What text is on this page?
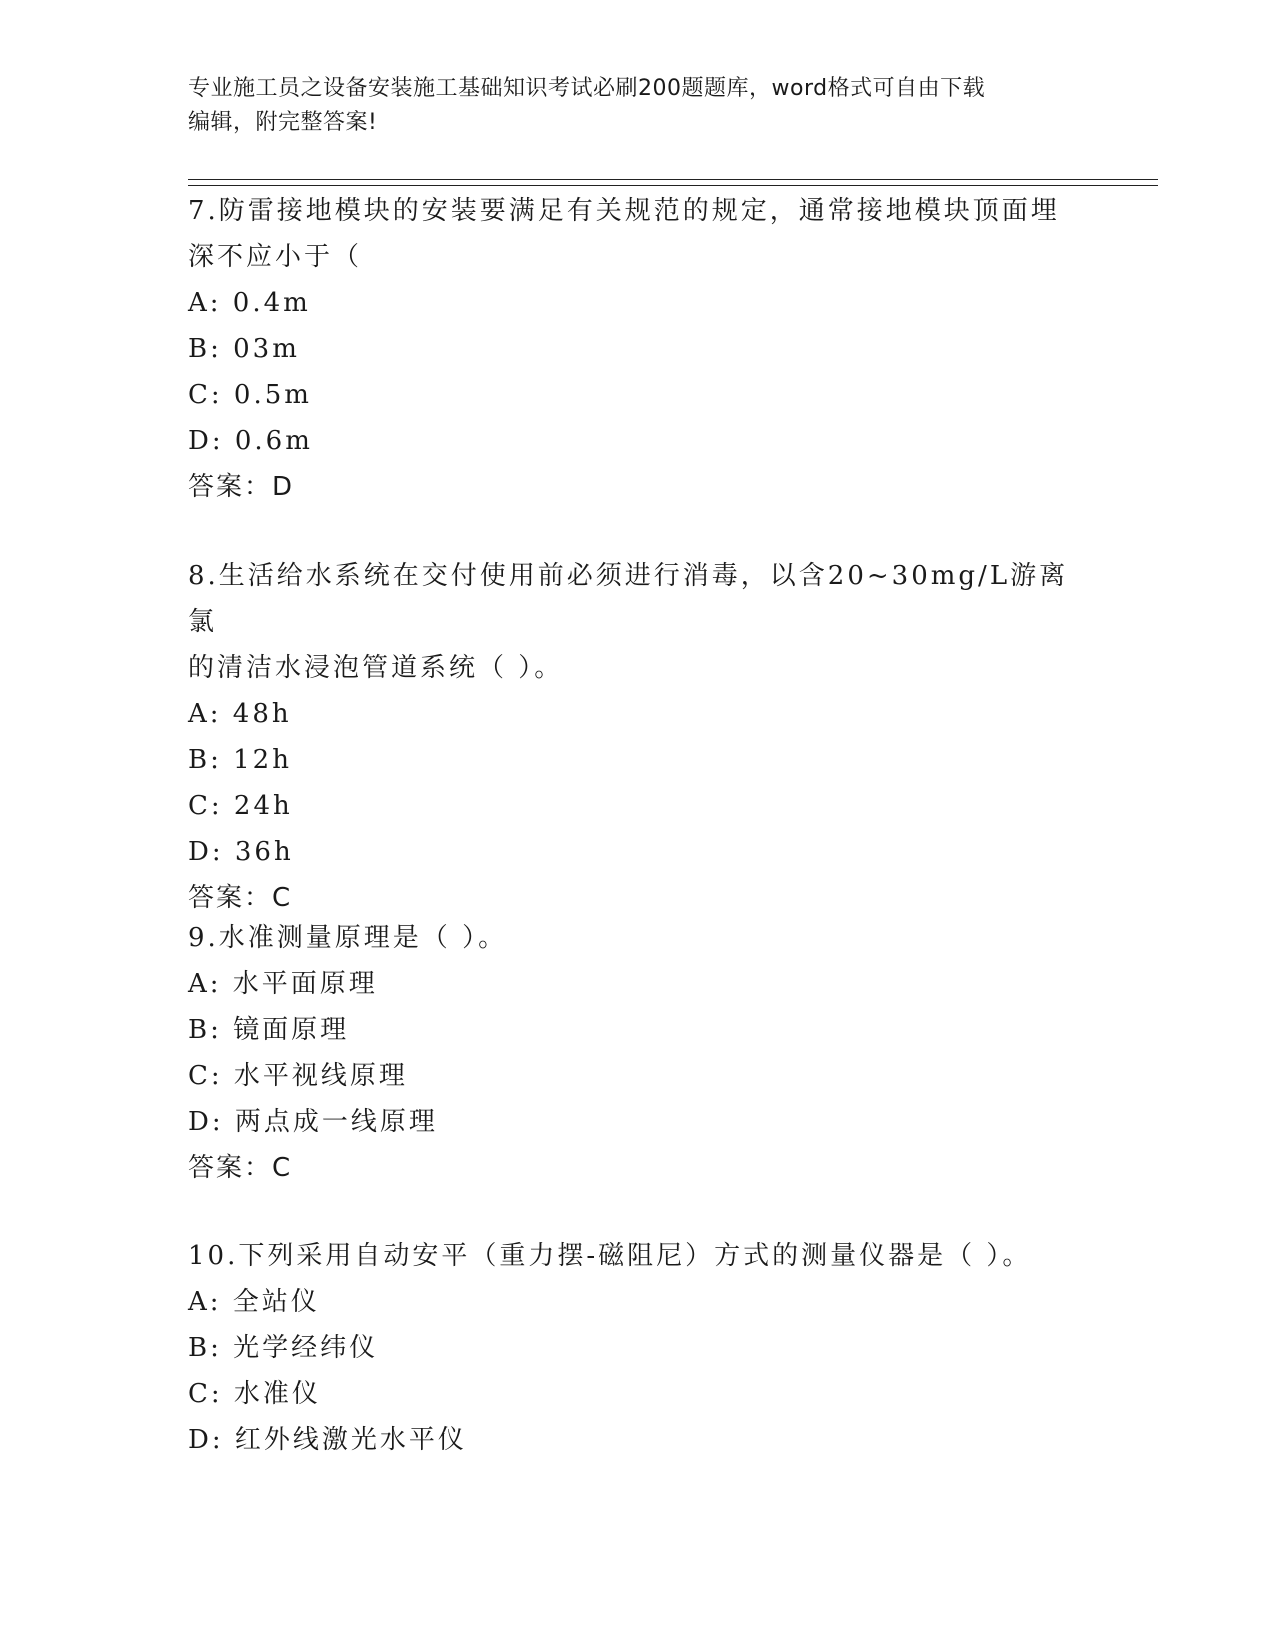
专业施工员之设备安装施工基础知识考试必刷200题题库，word格式可自由下载
编辑，附完整答案!
7.防雷接地模块的安装要满足有关规范的规定，通常接地模块顶面埋
深不应小于（
A: 0.4m
B: 03m
C: 0.5m
D: 0.6m
答案：D
8.生活给水系统在交付使用前必须进行消毒，以含20~30mg/L游离氯
的清洁水浸泡管道系统（ ）。
A: 48h
B: 12h
C: 24h
D: 36h
答案：C
9.水准测量原理是（ ）。
A: 水平面原理
B: 镜面原理
C: 水平视线原理
D: 两点成一线原理
答案：C
10.下列采用自动安平（重力摆-磁阻尼）方式的测量仪器是（ ）。
A: 全站仪
B: 光学经纬仪
C: 水准仪
D: 红外线激光水平仪
